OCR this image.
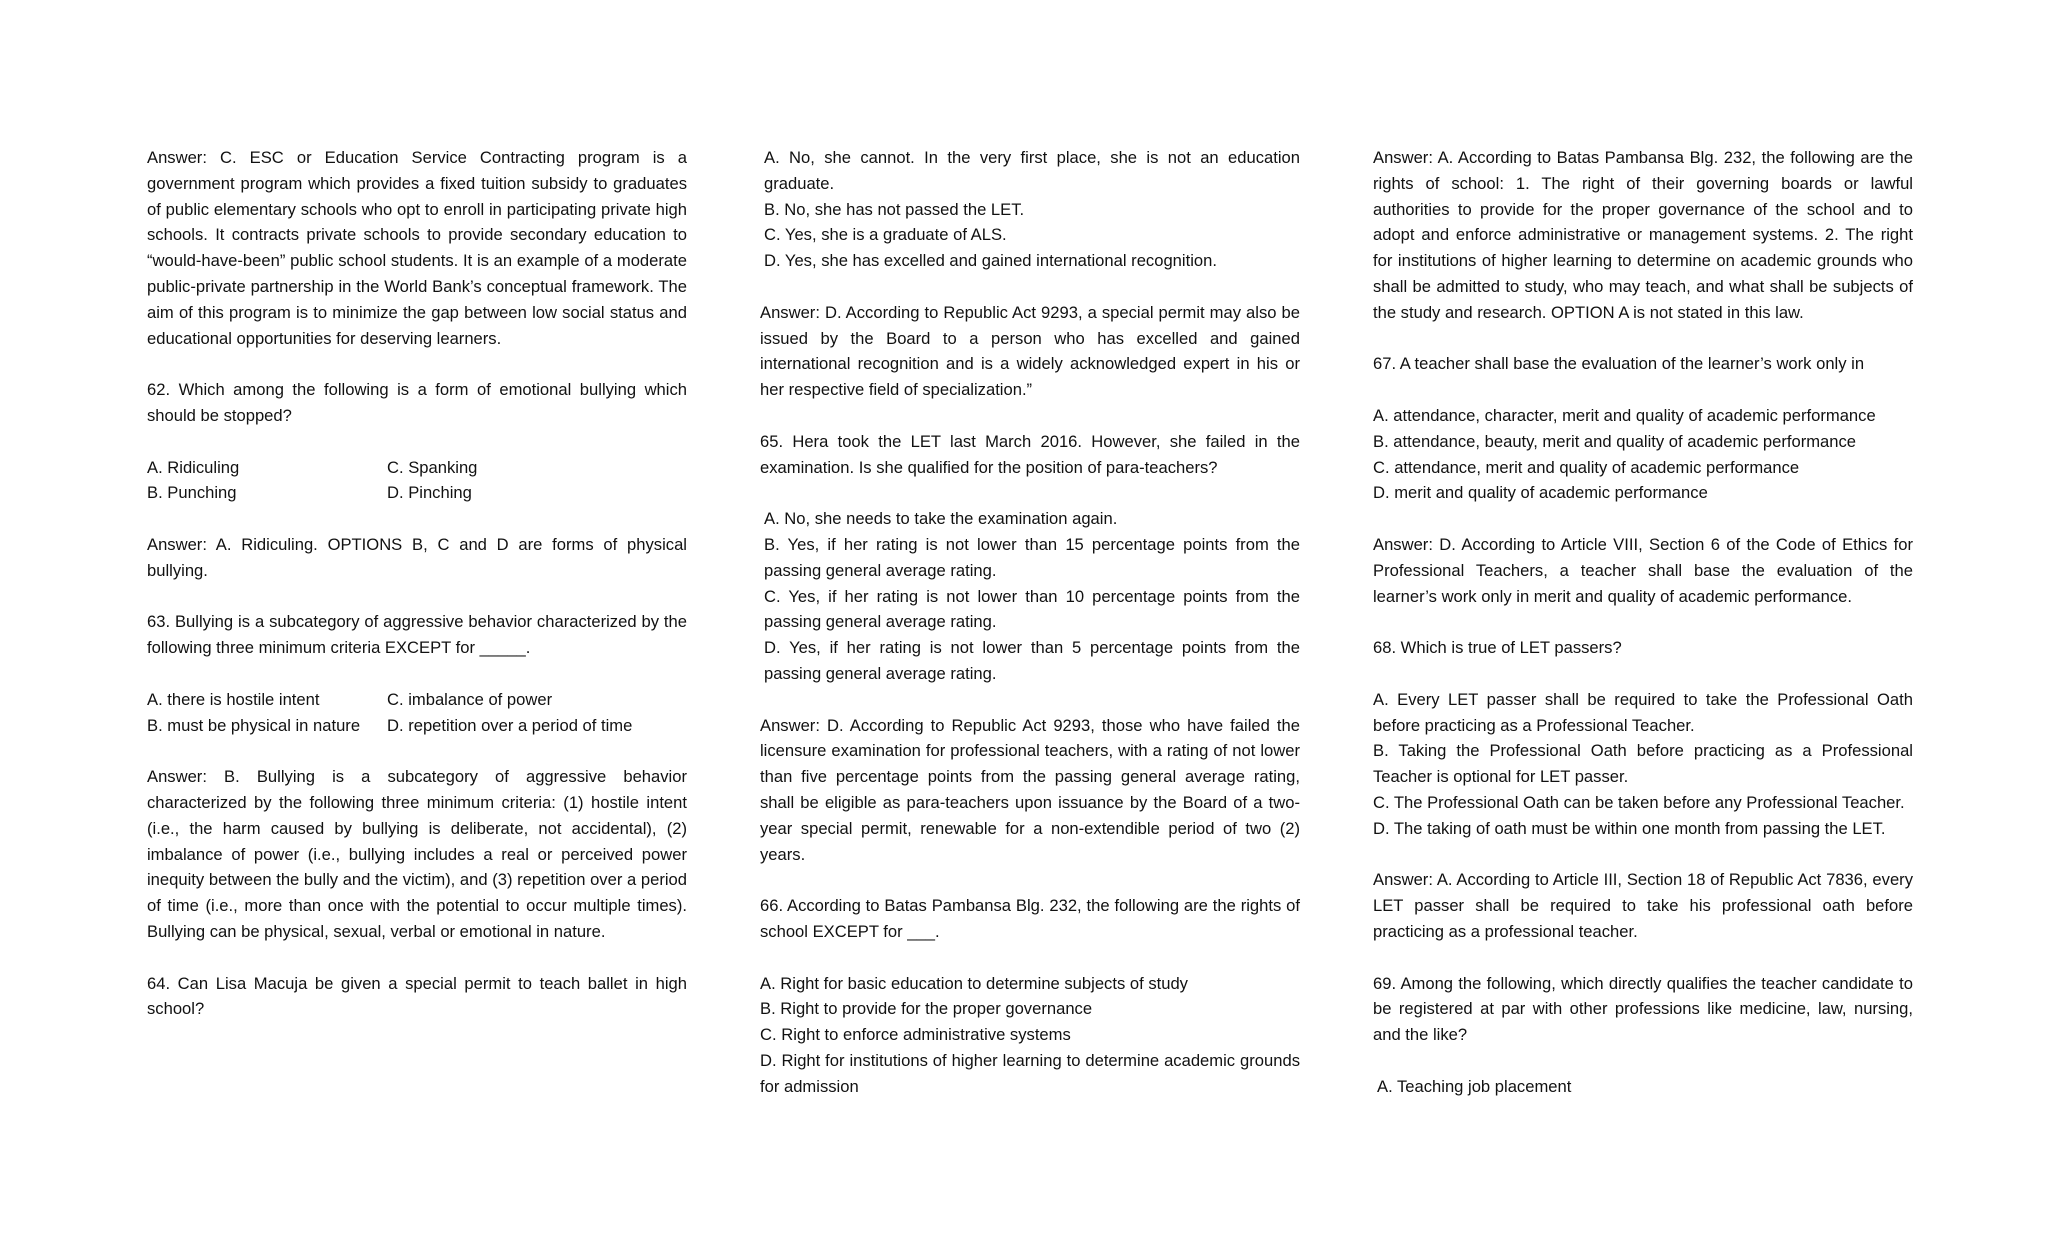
Answer: C. ESC or Education Service Contracting program is a government program which provides a fixed tuition subsidy to graduates of public elementary schools who opt to enroll in participating private high schools. It contracts private schools to provide secondary education to “would-have-been” public school students. It is an example of a moderate public-private partnership in the World Bank’s conceptual framework. The aim of this program is to minimize the gap between low social status and educational opportunities for deserving learners.

62. Which among the following is a form of emotional bullying which should be stopped?

A. Ridiculing	C. Spanking
B. Punching	D. Pinching

Answer: A. Ridiculing. OPTIONS B, C and D are forms of physical bullying.

63. Bullying is a subcategory of aggressive behavior characterized by the following three minimum criteria EXCEPT for _____.

A. there is hostile intent	C. imbalance of power
B. must be physical in nature	D. repetition over a period of time

Answer: B. Bullying is a subcategory of aggressive behavior characterized by the following three minimum criteria: (1) hostile intent (i.e., the harm caused by bullying is deliberate, not accidental), (2) imbalance of power (i.e., bullying includes a real or perceived power inequity between the bully and the victim), and (3) repetition over a period of time (i.e., more than once with the potential to occur multiple times). Bullying can be physical, sexual, verbal or emotional in nature.

64. Can Lisa Macuja be given a special permit to teach ballet in high school?

A. No, she cannot. In the very first place, she is not an education graduate.

B. No, she has not passed the LET.

C. Yes, she is a graduate of ALS.

D. Yes, she has excelled and gained international recognition.

Answer: D. According to Republic Act 9293, a special permit may also be issued by the Board to a person who has excelled and gained international recognition and is a widely acknowledged expert in his or her respective field of specialization.”

65. Hera took the LET last March 2016. However, she failed in the examination. Is she qualified for the position of para-teachers?

A. No, she needs to take the examination again.

B. Yes, if her rating is not lower than 15 percentage points from the passing general average rating.

C. Yes, if her rating is not lower than 10 percentage points from the passing general average rating.

D. Yes, if her rating is not lower than 5 percentage points from the passing general average rating.

Answer: D. According to Republic Act 9293, those who have failed the licensure examination for professional teachers, with a rating of not lower than five percentage points from the passing general average rating, shall be eligible as para-teachers upon issuance by the Board of a two-year special permit, renewable for a non-extendible period of two (2) years.

66. According to Batas Pambansa Blg. 232, the following are the rights of school EXCEPT for ___.

A. Right for basic education to determine subjects of study

B. Right to provide for the proper governance

C. Right to enforce administrative systems

D. Right for institutions of higher learning to determine academic grounds for admission

Answer: A. According to Batas Pambansa Blg. 232, the following are the rights of school: 1. The right of their governing boards or lawful authorities to provide for the proper governance of the school and to adopt and enforce administrative or management systems. 2. The right for institutions of higher learning to determine on academic grounds who shall be admitted to study, who may teach, and what shall be subjects of the study and research. OPTION A is not stated in this law.

67. A teacher shall base the evaluation of the learner’s work only in

A. attendance, character, merit and quality of academic performance

B. attendance, beauty, merit and quality of academic performance

C. attendance, merit and quality of academic performance

D. merit and quality of academic performance

Answer: D. According to Article VIII, Section 6 of the Code of Ethics for Professional Teachers, a teacher shall base the evaluation of the learner’s work only in merit and quality of academic performance.

68. Which is true of LET passers?

A. Every LET passer shall be required to take the Professional Oath before practicing as a Professional Teacher.

B. Taking the Professional Oath before practicing as a Professional Teacher is optional for LET passer.

C. The Professional Oath can be taken before any Professional Teacher.

D. The taking of oath must be within one month from passing the LET.

Answer: A. According to Article III, Section 18 of Republic Act 7836, every LET passer shall be required to take his professional oath before practicing as a professional teacher.

69. Among the following, which directly qualifies the teacher candidate to be registered at par with other professions like medicine, law, nursing, and the like?

A. Teaching job placement
